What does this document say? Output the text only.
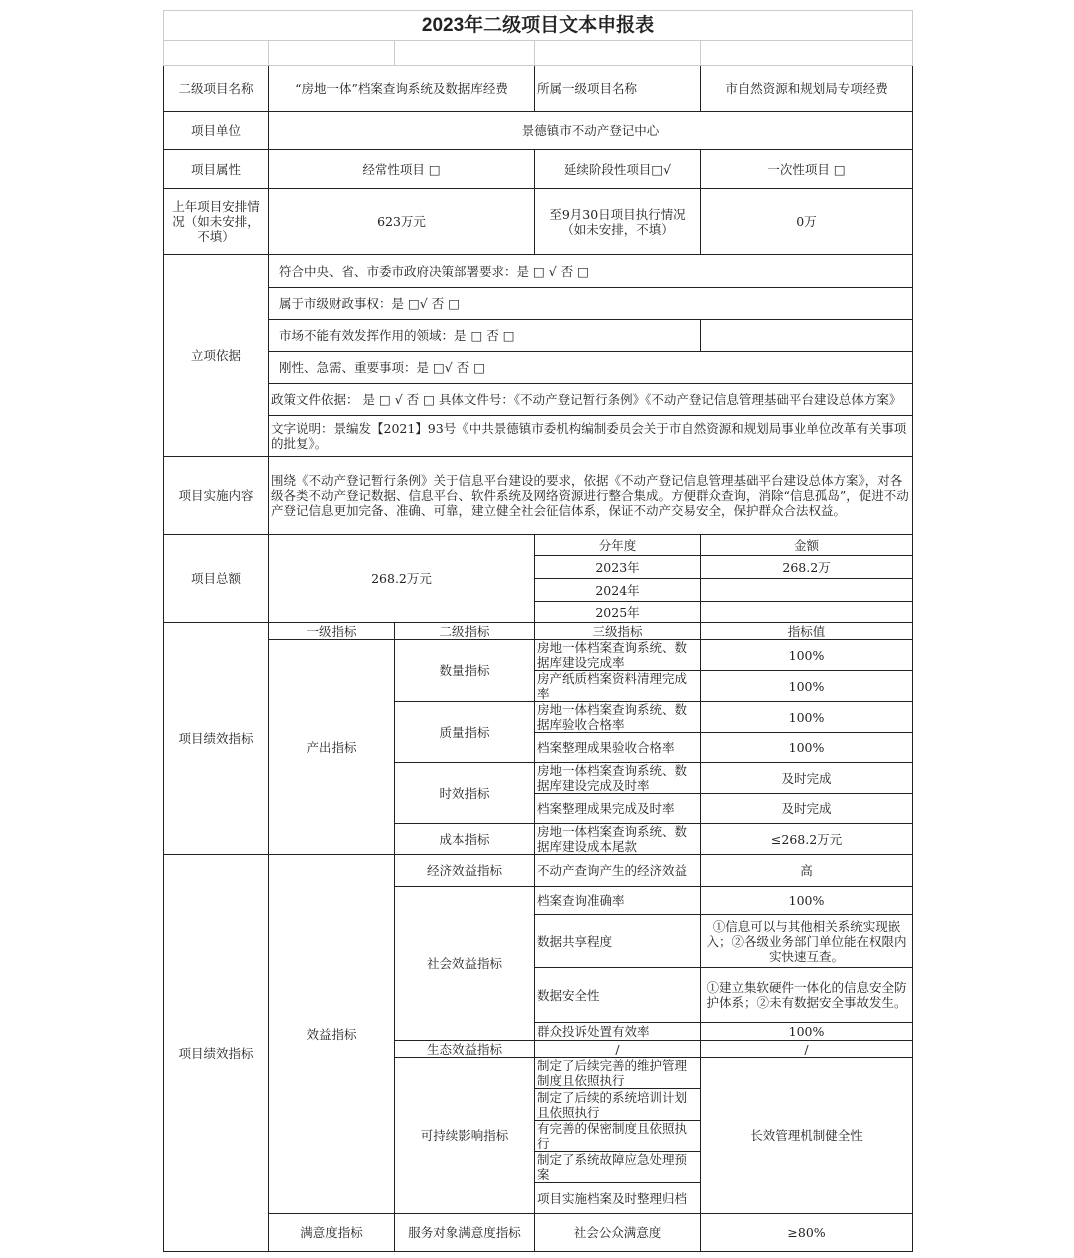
2023年二级项目文本申报表				

二级项目名称	“房地一体”档案查询系统及数据库经费		所属一级项目名称	市自然资源和规划局专项经费
项目单位	景德镇市不动产登记中心			
项目属性	经常性项目 □		延续阶段性项目□√	一次性项目 □
上年项目安排情况（如未安排，不填）	623万元		至9月30日项目执行情况（如未安排，不填）	0万
立项依据	符合中央、省、市委市政府决策部署要求：是 □ √ 否 □			
	属于市级财政事权：是 □√ 否 □			
	市场不能有效发挥作用的领域：是 □ 否 □			
	刚性、急需、重要事项：是 □√ 否 □			
	政策文件依据： 是 □ √ 否 □ 具体文件号：《不动产登记暂行条例》《不动产登记信息管理基础平台建设总体方案》			
	文字说明：景编发【2021】93号《中共景德镇市委机构编制委员会关于市自然资源和规划局事业单位改革有关事项的批复》。			
项目实施内容	围绕《不动产登记暂行条例》关于信息平台建设的要求，依据《不动产登记信息管理基础平台建设总体方案》，对各级各类不动产登记数据、信息平台、软件系统及网络资源进行整合集成。方便群众查询，消除“信息孤岛”，促进不动产登记信息更加完备、准确、可靠，建立健全社会征信体系，保证不动产交易安全，保护群众合法权益。			
项目总额	268.2万元		分年度	金额
			2023年	268.2万
			2024年	
			2025年	
项目绩效指标	一级指标	二级指标	三级指标	指标值
	产出指标	数量指标	房地一体档案查询系统、数据库建设完成率	100%
			房产纸质档案资料清理完成率	100%
		质量指标	房地一体档案查询系统、数据库验收合格率	100%
			档案整理成果验收合格率	100%
		时效指标	房地一体档案查询系统、数据库建设完成及时率	及时完成
			档案整理成果完成及时率	及时完成
		成本指标	房地一体档案查询系统、数据库建设成本尾款	≤268.2万元
项目绩效指标	效益指标	经济效益指标	不动产查询产生的经济效益	高
		社会效益指标	档案查询准确率	100%
			数据共享程度	①信息可以与其他相关系统实现嵌入；②各级业务部门单位能在权限内实快速互查。
			数据安全性	①建立集软硬件一体化的信息安全防护体系；②未有数据安全事故发生。
			群众投诉处置有效率	100%
		生态效益指标	/	/
		可持续影响指标	制定了后续完善的维护管理制度且依照执行	长效管理机制健全性
			制定了后续的系统培训计划且依照执行	
			有完善的保密制度且依照执行	
			制定了系统故障应急处理预案	
			项目实施档案及时整理归档	
	满意度指标	服务对象满意度指标	社会公众满意度	≥80%
